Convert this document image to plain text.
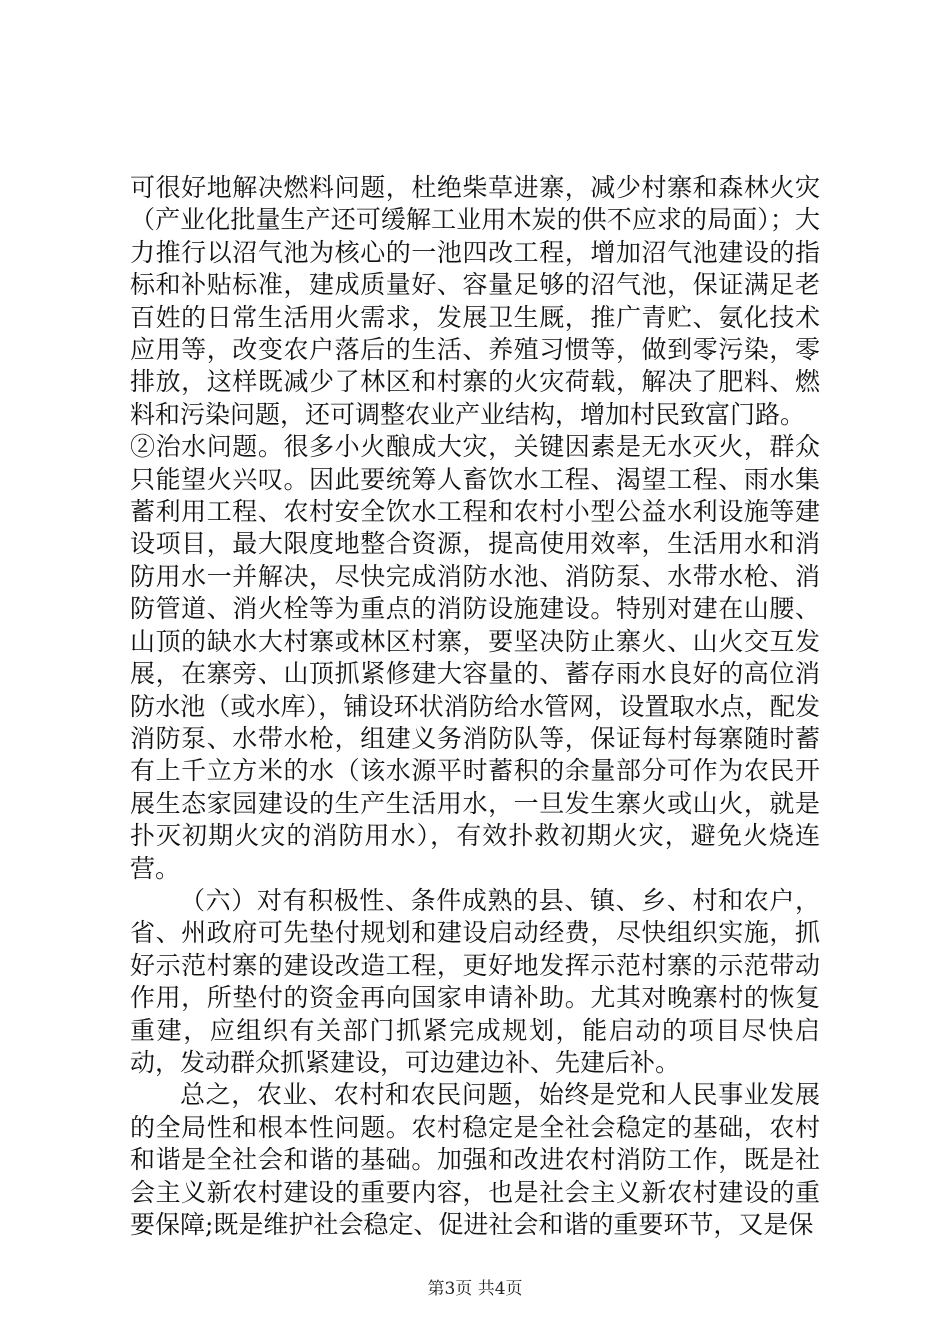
可很好地解决燃料问题，杜绝柴草进寨，减少村寨和森林火灾（产业化批量生产还可缓解工业用木炭的供不应求的局面）；大力推行以沼气池为核心的一池四改工程，增加沼气池建设的指标和补贴标准，建成质量好、容量足够的沼气池，保证满足老百姓的日常生活用火需求，发展卫生厩，推广青贮、氨化技术应用等，改变农户落后的生活、养殖习惯等，做到零污染，零排放，这样既减少了林区和村寨的火灾荷载，解决了肥料、燃料和污染问题，还可调整农业产业结构，增加村民致富门路。

②治水问题。很多小火酿成大灾，关键因素是无水灭火，群众只能望火兴叹。因此要统筹人畜饮水工程、渴望工程、雨水集蓄利用工程、农村安全饮水工程和农村小型公益水利设施等建设项目，最大限度地整合资源，提高使用效率，生活用水和消防用水一并解决，尽快完成消防水池、消防泵、水带水枪、消防管道、消火栓等为重点的消防设施建设。特别对建在山腰、山顶的缺水大村寨或林区村寨，要坚决防止寨火、山火交互发展，在寨旁、山顶抓紧修建大容量的、蓄存雨水良好的高位消防水池（或水库），铺设环状消防给水管网，设置取水点，配发消防泵、水带水枪，组建义务消防队等，保证每村每寨随时蓄有上千立方米的水（该水源平时蓄积的余量部分可作为农民开展生态家园建设的生产生活用水，一旦发生寨火或山火，就是扑灭初期火灾的消防用水），有效扑救初期火灾，避免火烧连营。

（六）对有积极性、条件成熟的县、镇、乡、村和农户，省、州政府可先垫付规划和建设启动经费，尽快组织实施，抓好示范村寨的建设改造工程，更好地发挥示范村寨的示范带动作用，所垫付的资金再向国家申请补助。尤其对晚寨村的恢复重建，应组织有关部门抓紧完成规划，能启动的项目尽快启动，发动群众抓紧建设，可边建边补、先建后补。

总之，农业、农村和农民问题，始终是党和人民事业发展的全局性和根本性问题。农村稳定是全社会稳定的基础，农村和谐是全社会和谐的基础。加强和改进农村消防工作，既是社会主义新农村建设的重要内容，也是社会主义新农村建设的重要保障;既是维护社会稳定、促进社会和谐的重要环节，又是保

第3页 共4页
